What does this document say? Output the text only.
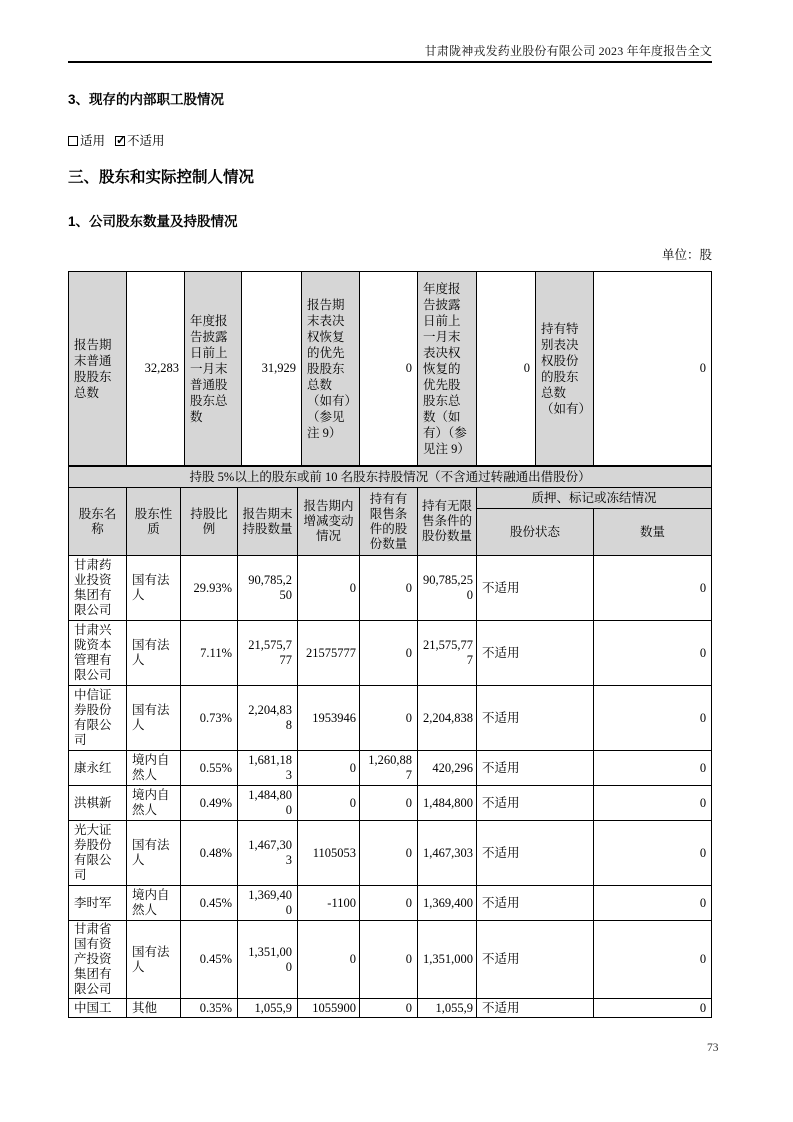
甘肃陇神戎发药业股份有限公司 2023 年年度报告全文
3、现存的内部职工股情况
适用 ✓ 不适用
三、股东和实际控制人情况
1、公司股东数量及持股情况
单位：股
报告期末普通股股东总数	32,283	年度报告披露日前上一月末普通股股东总数	31,929	报告期末表决权恢复的优先股股东总数（如有）（参见注 9）	0	年度报告披露日前上一月末表决权恢复的优先股股东总数（如有）（参见注 9）	0	持有特别表决权股份的股东总数（如有）	0
持股 5%以上的股东或前 10 名股东持股情况（不含通过转融通出借股份）								
股东名称	股东性质	持股比例	报告期末持股数量	报告期内增减变动情况	持有有限售条件的股份数量	持有无限售条件的股份数量	质押、标记或冻结情况	
							股份状态	数量
甘肃药业投资集团有限公司	国有法人	29.93%	90,785,250	0	0	90,785,250	不适用	0
甘肃兴陇资本管理有限公司	国有法人	7.11%	21,575,777	21575777	0	21,575,777	不适用	0
中信证券股份有限公司	国有法人	0.73%	2,204,838	1953946	0	2,204,838	不适用	0
康永红	境内自然人	0.55%	1,681,183	0	1,260,887	420,296	不适用	0
洪棋新	境内自然人	0.49%	1,484,800	0	0	1,484,800	不适用	0
光大证券股份有限公司	国有法人	0.48%	1,467,303	1105053	0	1,467,303	不适用	0
李时军	境内自然人	0.45%	1,369,400	-1100	0	1,369,400	不适用	0
甘肃省国有资产投资集团有限公司	国有法人	0.45%	1,351,000	0	0	1,351,000	不适用	0
中国工	其他	0.35%	1,055,9	1055900	0	1,055,9	不适用	0
73
